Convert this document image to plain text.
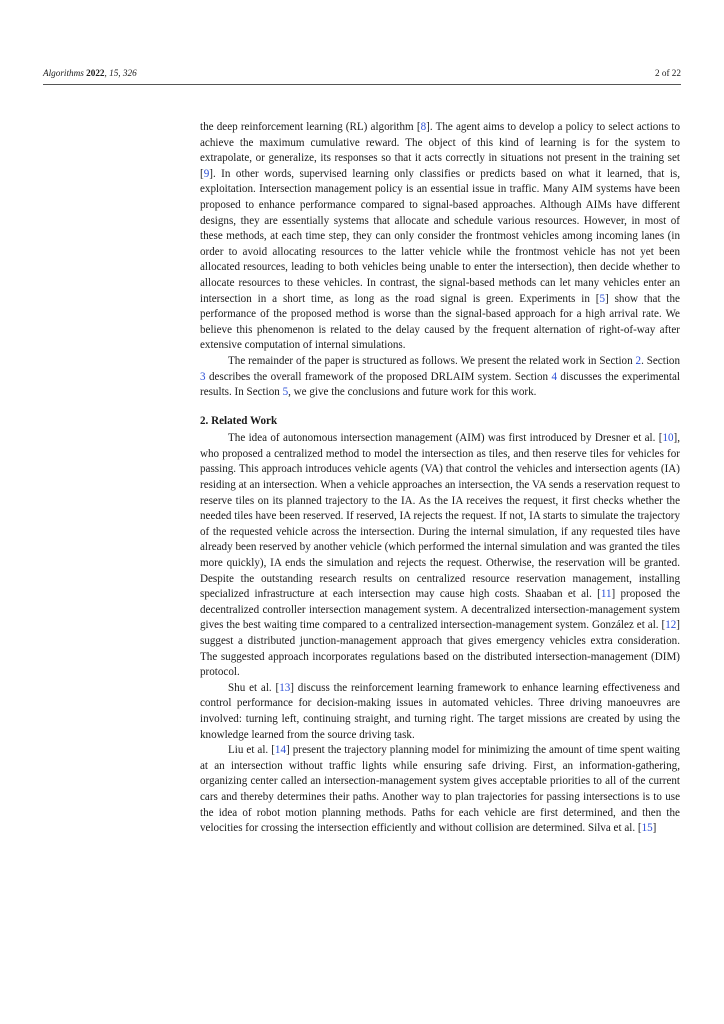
Algorithms 2022, 15, 326	2 of 22

the deep reinforcement learning (RL) algorithm [8]. The agent aims to develop a policy to select actions to achieve the maximum cumulative reward. The object of this kind of learning is for the system to extrapolate, or generalize, its responses so that it acts correctly in situations not present in the training set [9]. In other words, supervised learning only classifies or predicts based on what it learned, that is, exploitation. Intersection management policy is an essential issue in traffic. Many AIM systems have been proposed to enhance performance compared to signal-based approaches. Although AIMs have different designs, they are essentially systems that allocate and schedule various resources. However, in most of these methods, at each time step, they can only consider the frontmost vehicles among incoming lanes (in order to avoid allocating resources to the latter vehicle while the frontmost vehicle has not yet been allocated resources, leading to both vehicles being unable to enter the intersection), then decide whether to allocate resources to these vehicles. In contrast, the signal-based methods can let many vehicles enter an intersection in a short time, as long as the road signal is green. Experiments in [5] show that the performance of the proposed method is worse than the signal-based approach for a high arrival rate. We believe this phenomenon is related to the delay caused by the frequent alternation of right-of-way after extensive computation of internal simulations.

The remainder of the paper is structured as follows. We present the related work in Section 2. Section 3 describes the overall framework of the proposed DRLAIM system. Section 4 discusses the experimental results. In Section 5, we give the conclusions and future work for this work.

2. Related Work

The idea of autonomous intersection management (AIM) was first introduced by Dresner et al. [10], who proposed a centralized method to model the intersection as tiles, and then reserve tiles for vehicles for passing. This approach introduces vehicle agents (VA) that control the vehicles and intersection agents (IA) residing at an intersection. When a vehicle approaches an intersection, the VA sends a reservation request to reserve tiles on its planned trajectory to the IA. As the IA receives the request, it first checks whether the needed tiles have been reserved. If reserved, IA rejects the request. If not, IA starts to simulate the trajectory of the requested vehicle across the intersection. During the internal simulation, if any requested tiles have already been reserved by another vehicle (which performed the internal simulation and was granted the tiles more quickly), IA ends the simulation and rejects the request. Otherwise, the reservation will be granted. Despite the outstanding research results on centralized resource reservation management, installing specialized infrastructure at each intersection may cause high costs. Shaaban et al. [11] proposed the decentralized controller intersection management system. A decentralized intersection-management system gives the best waiting time compared to a centralized intersection-management system. González et al. [12] suggest a distributed junction-management approach that gives emergency vehicles extra consideration. The suggested approach incorporates regulations based on the distributed intersection-management (DIM) protocol.

Shu et al. [13] discuss the reinforcement learning framework to enhance learning effectiveness and control performance for decision-making issues in automated vehicles. Three driving manoeuvres are involved: turning left, continuing straight, and turning right. The target missions are created by using the knowledge learned from the source driving task.

Liu et al. [14] present the trajectory planning model for minimizing the amount of time spent waiting at an intersection without traffic lights while ensuring safe driving. First, an information-gathering, organizing center called an intersection-management system gives acceptable priorities to all of the current cars and thereby determines their paths. Another way to plan trajectories for passing intersections is to use the idea of robot motion planning methods. Paths for each vehicle are first determined, and then the velocities for crossing the intersection efficiently and without collision are determined. Silva et al. [15]
